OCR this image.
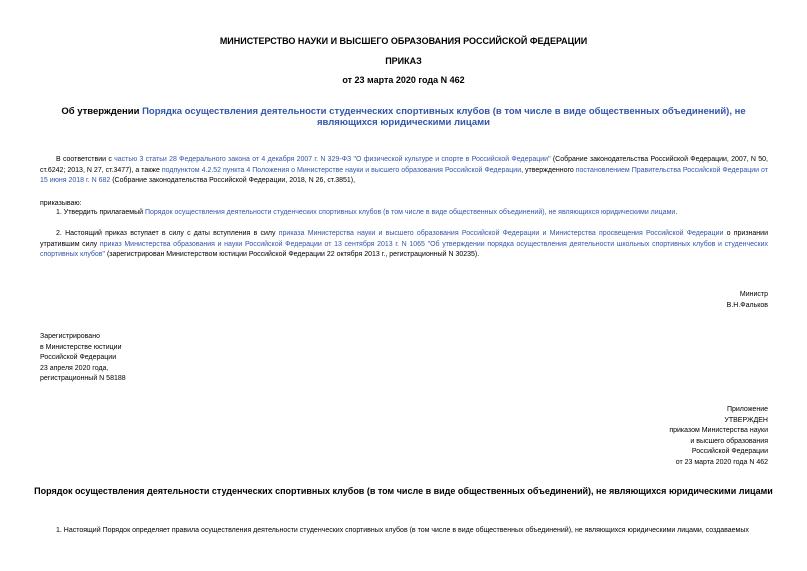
МИНИСТЕРСТВО НАУКИ И ВЫСШЕГО ОБРАЗОВАНИЯ РОССИЙСКОЙ ФЕДЕРАЦИИ
ПРИКАЗ
от 23 марта 2020 года N 462
Об утверждении Порядка осуществления деятельности студенческих спортивных клубов (в том числе в виде общественных объединений), не являющихся юридическими лицами
В соответствии с частью 3 статьи 28 Федерального закона от 4 декабря 2007 г. N 329-ФЗ "О физической культуре и спорте в Российской Федерации" (Собрание законодательства Российской Федерации, 2007, N 50, ст.6242; 2013, N 27, ст.3477), а также подпунктом 4.2.52 пункта 4 Положения о Министерстве науки и высшего образования Российской Федерации, утвержденного постановлением Правительства Российской Федерации от 15 июня 2018 г. N 682 (Собрание законодательства Российской Федерации, 2018, N 26, ст.3851),
приказываю:
1. Утвердить прилагаемый Порядок осуществления деятельности студенческих спортивных клубов (в том числе в виде общественных объединений), не являющихся юридическими лицами.
2. Настоящий приказ вступает в силу с даты вступления в силу приказа Министерства науки и высшего образования Российской Федерации и Министерства просвещения Российской Федерации о признании утратившим силу приказ Министерства образования и науки Российской Федерации от 13 сентября 2013 г. N 1065 "Об утверждении порядка осуществления деятельности школьных спортивных клубов и студенческих спортивных клубов" (зарегистрирован Министерством юстиции Российской Федерации 22 октября 2013 г., регистрационный N 30235).
Министр
В.Н.Фальков
Зарегистрировано
в Министерстве юстиции
Российской Федерации
23 апреля 2020 года,
регистрационный N 58188
Приложение
УТВЕРЖДЕН
приказом Министерства науки
и высшего образования
Российской Федерации
от 23 марта 2020 года N 462
Порядок осуществления деятельности студенческих спортивных клубов (в том числе в виде общественных объединений), не являющихся юридическими лицами
1. Настоящий Порядок определяет правила осуществления деятельности студенческих спортивных клубов (в том числе в виде общественных объединений), не являющихся юридическими лицами, создаваемых
